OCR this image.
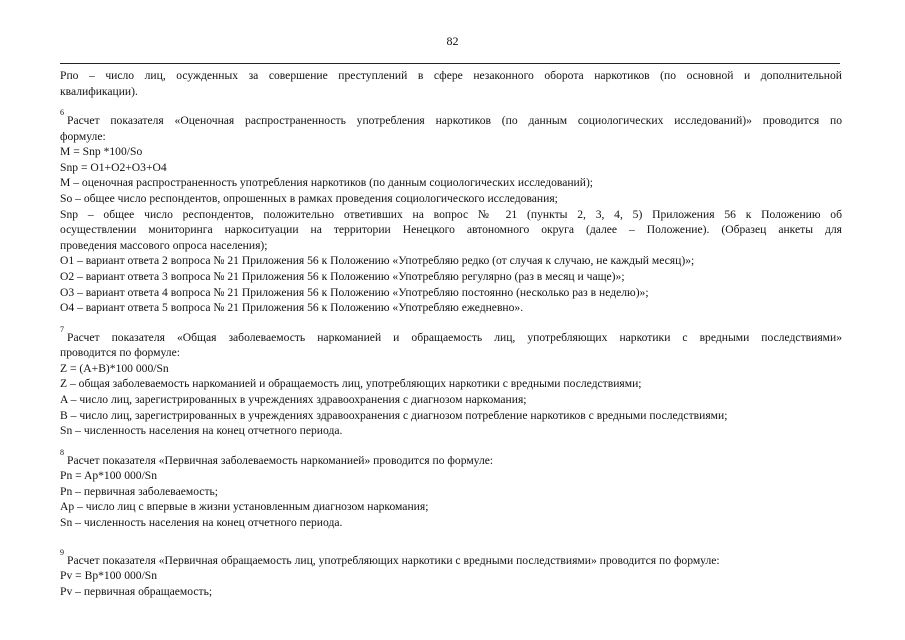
82
Рпо – число лиц, осужденных за совершение преступлений в сфере незаконного оборота наркотиков (по основной и дополнительной
квалификации).
$^6$Расчет показателя «Оценочная распространенность употребления наркотиков (по данным социологических исследований)» проводится по
формуле:
M = Snp *100/So
Snp = O1+O2+O3+O4
M – оценочная распространенность употребления наркотиков (по данным социологических исследований);
So – общее число респондентов, опрошенных в рамках проведения социологического исследования;
Snp – общее число респондентов, положительно ответивших на вопрос № 21 (пункты 2, 3, 4, 5) Приложения 56 к Положению об
осуществлении мониторинга наркоситуации на территории Ненецкого автономного округа (далее – Положение). (Образец анкеты для
проведения массового опроса населения);
O1 – вариант ответа 2 вопроса № 21 Приложения 56 к Положению «Употребляю редко (от случая к случаю, не каждый месяц)»;
O2 – вариант ответа 3 вопроса № 21 Приложения 56 к Положению «Употребляю регулярно (раз в месяц и чаще)»;
O3 – вариант ответа 4 вопроса № 21 Приложения 56 к Положению «Употребляю постоянно (несколько раз в неделю)»;
O4 – вариант ответа 5 вопроса № 21 Приложения 56 к Положению «Употребляю ежедневно».
$^7$Расчет показателя «Общая заболеваемость наркоманией и обращаемость лиц, употребляющих наркотики с вредными последствиями»
проводится по формуле:
Z = (A+B)*100 000/Sn
Z – общая заболеваемость наркоманией и обращаемость лиц, употребляющих наркотики с вредными последствиями;
A – число лиц, зарегистрированных в учреждениях здравоохранения с диагнозом наркомания;
B – число лиц, зарегистрированных в учреждениях здравоохранения с диагнозом потребление наркотиков с вредными последствиями;
Sn – численность населения на конец отчетного периода.
$^8$Расчет показателя «Первичная заболеваемость наркоманией» проводится по формуле:
Pn = Ap*100 000/Sn
Pn – первичная заболеваемость;
Ap – число лиц с впервые в жизни установленным диагнозом наркомания;
Sn – численность населения на конец отчетного периода.
$^9$Расчет показателя «Первичная обращаемость лиц, употребляющих наркотики с вредными последствиями» проводится по формуле:
Pv = Bp*100 000/Sn
Pv – первичная обращаемость;
